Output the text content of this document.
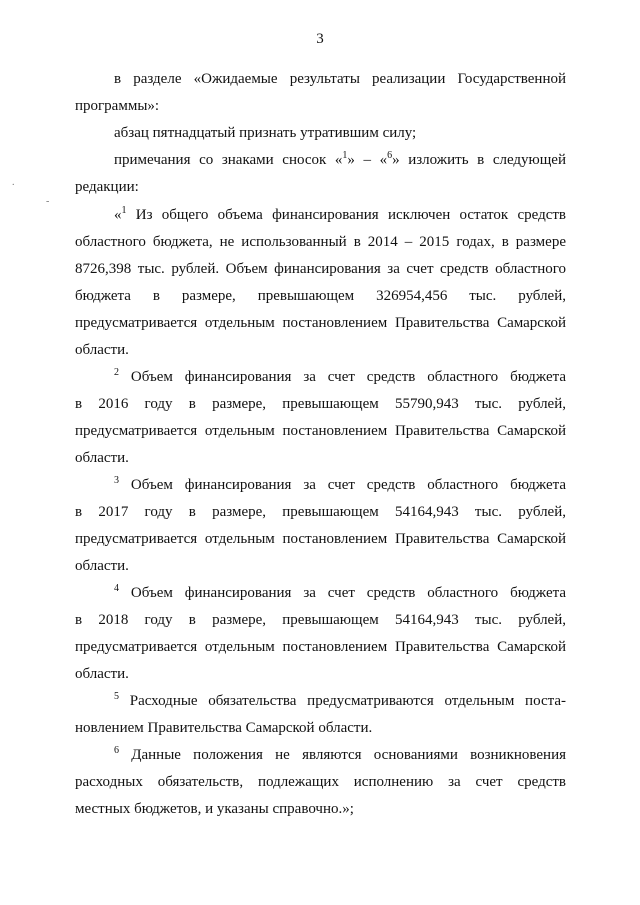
3
.
-
в разделе «Ожидаемые результаты реализации Государственной
программы»:
абзац пятнадцатый признать утратившим силу;
примечания со знаками сносок «$^1$» – «$^6$» изложить в следующей
редакции:
«$^1$ Из общего объема финансирования исключен остаток средств
областного бюджета, не использованный в 2014 – 2015 годах, в размере
8726,398 тыс. рублей. Объем финансирования за счет средств областного
бюджета в размере, превышающем 326954,456 тыс. рублей,
предусматривается отдельным постановлением Правительства Самарской
области.
$^2$ Объем финансирования за счет средств областного бюджета
в 2016 году в размере, превышающем 55790,943 тыс. рублей,
предусматривается отдельным постановлением Правительства Самарской
области.
$^3$ Объем финансирования за счет средств областного бюджета
в 2017 году в размере, превышающем 54164,943 тыс. рублей,
предусматривается отдельным постановлением Правительства Самарской
области.
$^4$ Объем финансирования за счет средств областного бюджета
в 2018 году в размере, превышающем 54164,943 тыс. рублей,
предусматривается отдельным постановлением Правительства Самарской
области.
$^5$ Расходные обязательства предусматриваются отдельным поста-
новлением Правительства Самарской области.
$^6$ Данные положения не являются основаниями возникновения
расходных обязательств, подлежащих исполнению за счет средств
местных бюджетов, и указаны справочно.»;
